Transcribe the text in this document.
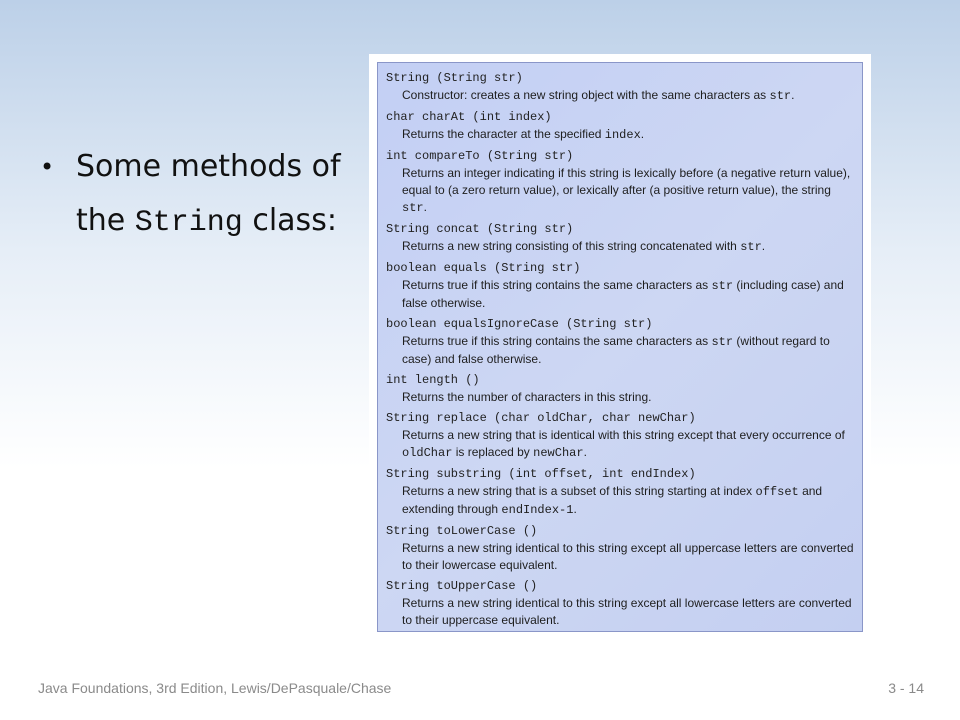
• Some methods of the String class:
String (String str)
Constructor: creates a new string object with the same characters as str.
char charAt (int index)
Returns the character at the specified index.
int compareTo (String str)
Returns an integer indicating if this string is lexically before (a negative return value), equal to (a zero return value), or lexically after (a positive return value), the string str.
String concat (String str)
Returns a new string consisting of this string concatenated with str.
boolean equals (String str)
Returns true if this string contains the same characters as str (including case) and false otherwise.
boolean equalsIgnoreCase (String str)
Returns true if this string contains the same characters as str (without regard to case) and false otherwise.
int length ()
Returns the number of characters in this string.
String replace (char oldChar, char newChar)
Returns a new string that is identical with this string except that every occurrence of oldChar is replaced by newChar.
String substring (int offset, int endIndex)
Returns a new string that is a subset of this string starting at index offset and extending through endIndex-1.
String toLowerCase ()
Returns a new string identical to this string except all uppercase letters are converted to their lowercase equivalent.
String toUpperCase ()
Returns a new string identical to this string except all lowercase letters are converted to their uppercase equivalent.
Java Foundations, 3rd Edition, Lewis/DePasquale/Chase	3 - 14
